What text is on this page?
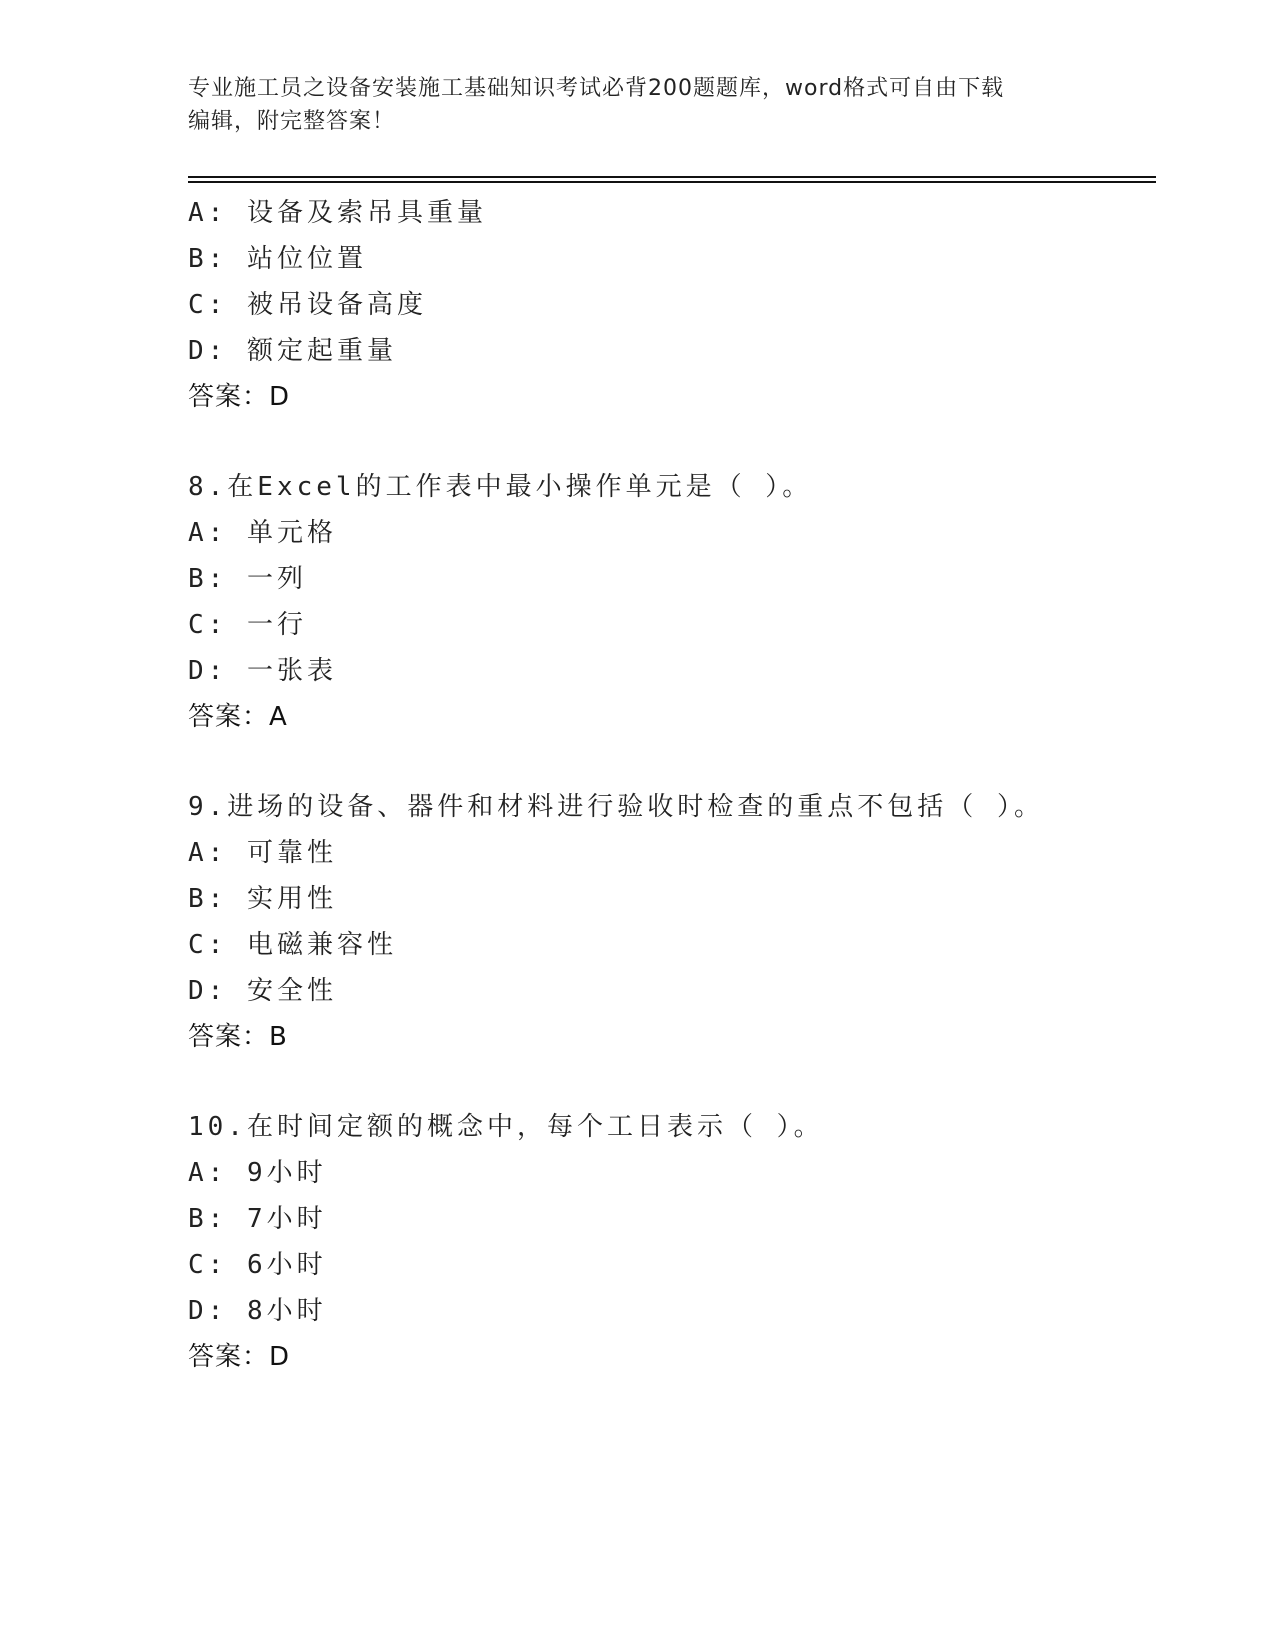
专业施工员之设备安装施工基础知识考试必背200题题库，word格式可自由下载
编辑，附完整答案！
A: 设备及索吊具重量
B: 站位位置
C: 被吊设备高度
D: 额定起重量
答案：D
8.在Excel的工作表中最小操作单元是（ ）。
A: 单元格
B: 一列
C: 一行
D: 一张表
答案：A
9.进场的设备、器件和材料进行验收时检查的重点不包括（ ）。
A: 可靠性
B: 实用性
C: 电磁兼容性
D: 安全性
答案：B
10.在时间定额的概念中，每个工日表示（ ）。
A: 9小时
B: 7小时
C: 6小时
D: 8小时
答案：D
